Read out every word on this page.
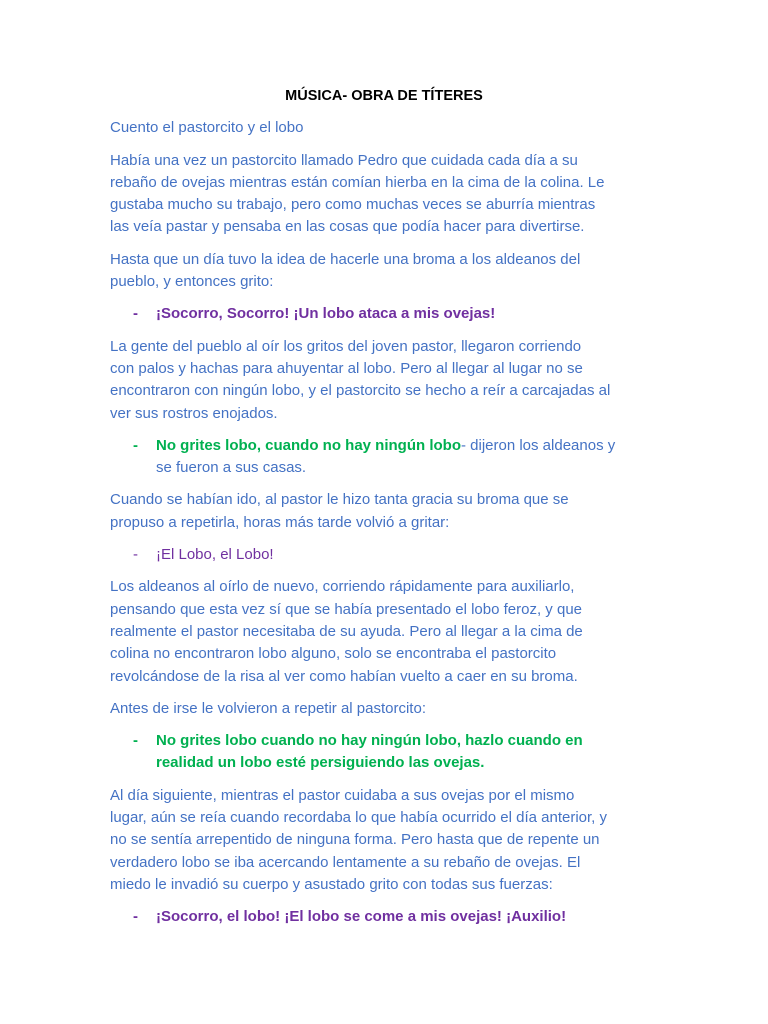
MÚSICA- OBRA DE TÍTERES
Cuento el pastorcito y el lobo
Había una vez un pastorcito llamado Pedro que cuidada cada día a su
rebaño de ovejas mientras están comían hierba en la cima de la colina. Le
gustaba mucho su trabajo, pero como muchas veces se aburría mientras
las veía pastar y pensaba en las cosas que podía hacer para divertirse.
Hasta que un día tuvo la idea de hacerle una broma a los aldeanos del
pueblo, y entonces grito:
- ¡Socorro, Socorro! ¡Un lobo ataca a mis ovejas!
La gente del pueblo al oír los gritos del joven pastor, llegaron corriendo
con palos y hachas para ahuyentar al lobo. Pero al llegar al lugar no se
encontraron con ningún lobo, y el pastorcito se hecho a reír a carcajadas al
ver sus rostros enojados.
- No grites lobo, cuando no hay ningún lobo- dijeron los aldeanos y
se fueron a sus casas.
Cuando se habían ido, al pastor le hizo tanta gracia su broma que se
propuso a repetirla, horas más tarde volvió a gritar:
- ¡El Lobo, el Lobo!
Los aldeanos al oírlo de nuevo, corriendo rápidamente para auxiliarlo,
pensando que esta vez sí que se había presentado el lobo feroz, y que
realmente el pastor necesitaba de su ayuda. Pero al llegar a la cima de
colina no encontraron lobo alguno, solo se encontraba el pastorcito
revolcándose de la risa al ver como habían vuelto a caer en su broma.
Antes de irse le volvieron a repetir al pastorcito:
- No grites lobo cuando no hay ningún lobo, hazlo cuando en
realidad un lobo esté persiguiendo las ovejas.
Al día siguiente, mientras el pastor cuidaba a sus ovejas por el mismo
lugar, aún se reía cuando recordaba lo que había ocurrido el día anterior, y
no se sentía arrepentido de ninguna forma. Pero hasta que de repente un
verdadero lobo se iba acercando lentamente a su rebaño de ovejas. El
miedo le invadió su cuerpo y asustado grito con todas sus fuerzas:
- ¡Socorro, el lobo! ¡El lobo se come a mis ovejas! ¡Auxilio!
